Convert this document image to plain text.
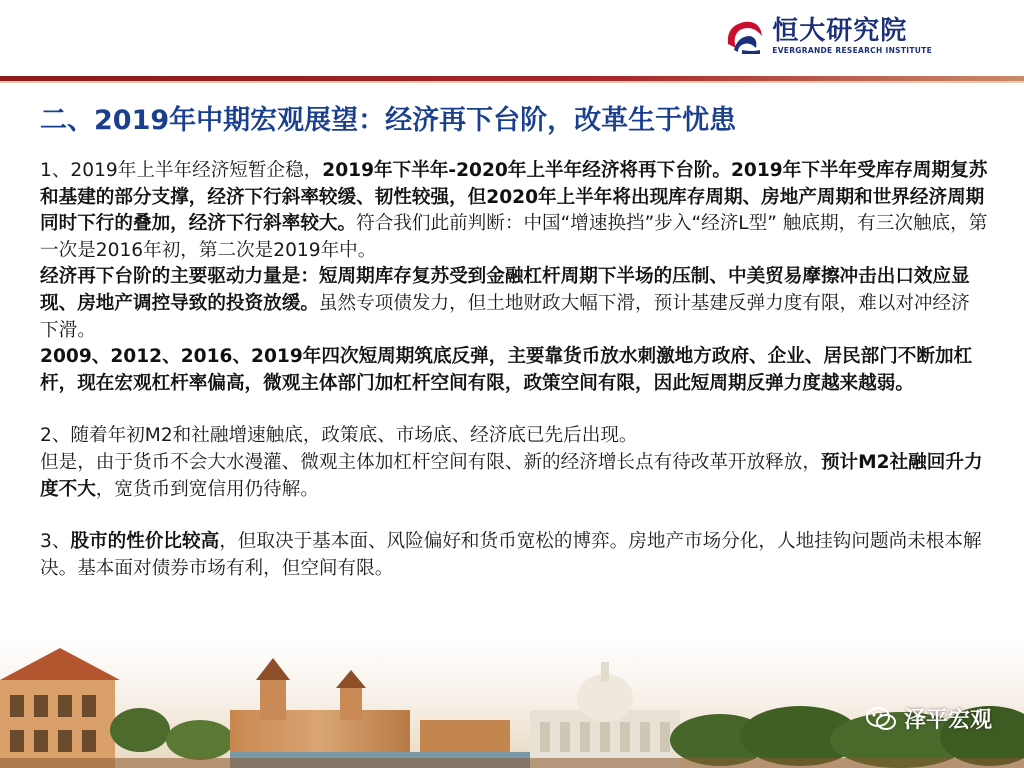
恒大研究院
EVERGRANDE RESEARCH INSTITUTE
二、2019年中期宏观展望：经济再下台阶，改革生于忧患

1、2019年上半年经济短暂企稳，2019年下半年-2020年上半年经济将再下台阶。2019年下半年受库存周期复苏和基建的部分支撑，经济下行斜率较缓、韧性较强，但2020年上半年将出现库存周期、房地产周期和世界经济周期同时下行的叠加，经济下行斜率较大。符合我们此前判断：中国“增速换挡”步入“经济L型” 触底期，有三次触底，第一次是2016年初，第二次是2019年中。

经济再下台阶的主要驱动力量是：短周期库存复苏受到金融杠杆周期下半场的压制、中美贸易摩擦冲击出口效应显现、房地产调控导致的投资放缓。虽然专项债发力，但土地财政大幅下滑，预计基建反弹力度有限，难以对冲经济下滑。

2009、2012、2016、2019年四次短周期筑底反弹，主要靠货币放水刺激地方政府、企业、居民部门不断加杠杆，现在宏观杠杆率偏高，微观主体部门加杠杆空间有限，政策空间有限，因此短周期反弹力度越来越弱。

2、随着年初M2和社融增速触底，政策底、市场底、经济底已先后出现。

但是，由于货币不会大水漫灌、微观主体加杠杆空间有限、新的经济增长点有待改革开放释放，预计M2社融回升力度不大，宽货币到宽信用仍待解。

3、股市的性价比较高，但取决于基本面、风险偏好和货币宽松的博弈。房地产市场分化，人地挂钩问题尚未根本解决。基本面对债券市场有利，但空间有限。

泽平宏观
